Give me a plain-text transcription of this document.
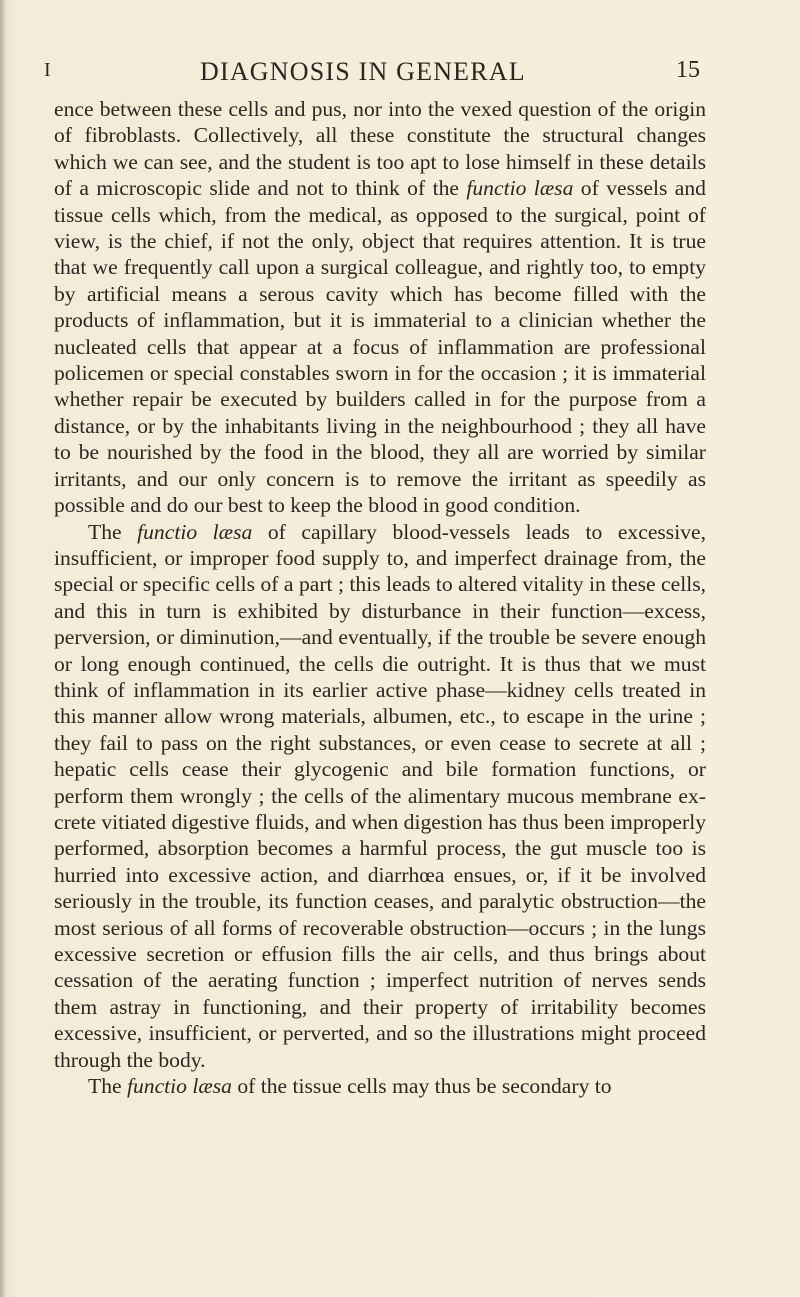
I	DIAGNOSIS IN GENERAL	15

ence between these cells and pus, nor into the vexed question of the origin of fibroblasts. Collectively, all these constitute the structural changes which we can see, and the student is too apt to lose himself in these details of a microscopic slide and not to think of the functio læsa of vessels and tissue cells which, from the medical, as opposed to the surgical, point of view, is the chief, if not the only, object that requires attention. It is true that we frequently call upon a surgical colleague, and rightly too, to empty by artificial means a serous cavity which has become filled with the products of inflammation, but it is immaterial to a clinician whether the nucleated cells that appear at a focus of inflammation are professional policemen or special constables sworn in for the occasion ; it is immaterial whether repair be executed by builders called in for the purpose from a distance, or by the inhabitants living in the neighbourhood ; they all have to be nourished by the food in the blood, they all are worried by similar irritants, and our only concern is to remove the irritant as speedily as possible and do our best to keep the blood in good condition.

The functio læsa of capillary blood-vessels leads to excessive, insufficient, or improper food supply to, and imperfect drainage from, the special or specific cells of a part ; this leads to altered vitality in these cells, and this in turn is exhibited by disturbance in their function—excess, perversion, or diminution,—and eventually, if the trouble be severe enough or long enough continued, the cells die outright. It is thus that we must think of inflammation in its earlier active phase—kidney cells treated in this manner allow wrong materials, albumen, etc., to escape in the urine ; they fail to pass on the right substances, or even cease to secrete at all ; hepatic cells cease their glycogenic and bile formation functions, or perform them wrongly ; the cells of the alimentary mucous membrane excrete vitiated digestive fluids, and when digestion has thus been improperly performed, absorption becomes a harmful process, the gut muscle too is hurried into excessive action, and diarrhœa ensues, or, if it be involved seriously in the trouble, its function ceases, and paralytic obstruction—the most serious of all forms of recoverable obstruction—occurs ; in the lungs excessive secretion or effusion fills the air cells, and thus brings about cessation of the aerating function ; imperfect nutrition of nerves sends them astray in functioning, and their property of irritability becomes excessive, insufficient, or perverted, and so the illustrations might proceed through the body.

The functio læsa of the tissue cells may thus be secondary to
